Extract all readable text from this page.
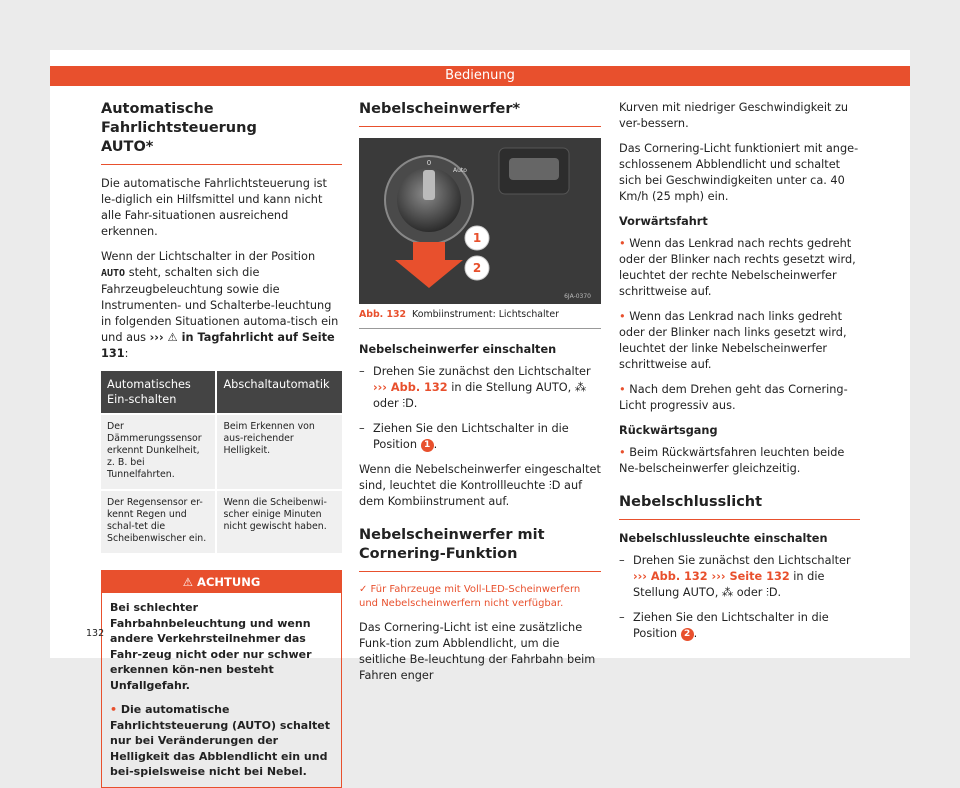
Bedienung
Automatische Fahrlichtsteuerung
AUTO*

Die automatische Fahrlichtsteuerung ist le-diglich ein Hilfsmittel und kann nicht alle Fahr-situationen ausreichend erkennen.

Wenn der Lichtschalter in der Position AUTO steht, schalten sich die Fahrzeugbeleuchtung sowie die Instrumenten- und Schalterbe-leuchtung in folgenden Situationen automa-tisch ein und aus ››› ⚠ in Tagfahrlicht auf Seite 131:

Automatisches Ein-schalten	Abschaltautomatik
Der Dämmerungssensor erkennt Dunkelheit, z. B. bei Tunnelfahrten.	Beim Erkennen von aus-reichender Helligkeit.
Der Regensensor er-kennt Regen und schal-tet die Scheibenwischer ein.	Wenn die Scheibenwi-scher einige Minuten nicht gewischt haben.
⚠ ACHTUNG

Bei schlechter Fahrbahnbeleuchtung und wenn andere Verkehrsteilnehmer das Fahr-zeug nicht oder nur schwer erkennen kön-nen besteht Unfallgefahr.

• Die automatische Fahrlichtsteuerung (AUTO) schaltet nur bei Veränderungen der Helligkeit das Abblendlicht ein und bei-spielsweise nicht bei Nebel.

Nebelscheinwerfer*
0
Auto
1
2
6JA-0370
Abb. 132 Kombiinstrument: Lichtschalter

Nebelscheinwerfer einschalten

– Drehen Sie zunächst den Lichtschalter ››› Abb. 132 in die Stellung AUTO, ⁂ oder ⫶D.
– Ziehen Sie den Lichtschalter in die Position 1 .

Wenn die Nebelscheinwerfer eingeschaltet sind, leuchtet die Kontrollleuchte ⫶D auf dem Kombiinstrument auf.

Nebelscheinwerfer mit Cornering-Funktion

✓ Für Fahrzeuge mit Voll-LED-Scheinwerfern und Nebelscheinwerfern nicht verfügbar.

Das Cornering-Licht ist eine zusätzliche Funk-tion zum Abblendlicht, um die seitliche Be-leuchtung der Fahrbahn beim Fahren enger

Kurven mit niedriger Geschwindigkeit zu ver-bessern.

Das Cornering-Licht funktioniert mit ange-schlossenem Abblendlicht und schaltet sich bei Geschwindigkeiten unter ca. 40 Km/h (25 mph) ein.

Vorwärtsfahrt

• Wenn das Lenkrad nach rechts gedreht oder der Blinker nach rechts gesetzt wird, leuchtet der rechte Nebelscheinwerfer schrittweise auf.

• Wenn das Lenkrad nach links gedreht oder der Blinker nach links gesetzt wird, leuchtet der linke Nebelscheinwerfer schrittweise auf.

• Nach dem Drehen geht das Cornering-Licht progressiv aus.

Rückwärtsgang

• Beim Rückwärtsfahren leuchten beide Ne-belscheinwerfer gleichzeitig.

Nebelschlusslicht

Nebelschlussleuchte einschalten

– Drehen Sie zunächst den Lichtschalter ››› Abb. 132 ››› Seite 132 in die Stellung AUTO, ⁂ oder ⫶D.
– Ziehen Sie den Lichtschalter in die Position 2 .
132
